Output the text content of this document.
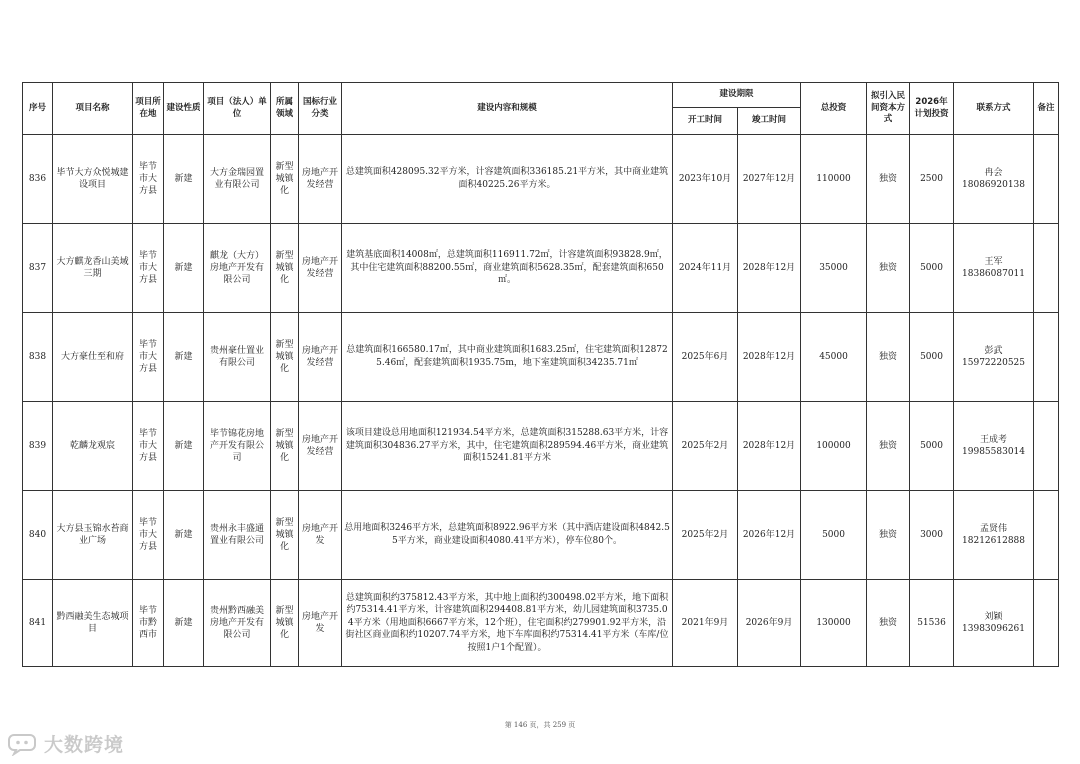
序号	项目名称	项目所在地	建设性质	项目（法人）单位	所属领域	国标行业分类	建设内容和规模	建设期限		总投资	拟引入民间资本方式	2026年计划投资	联系方式	备注
								开工时间	竣工时间					
836	毕节大方众悦城建设项目	毕节市大方县	新建	大方金瑞园置业有限公司	新型城镇化	房地产开发经营	总建筑面积428095.32平方米，计容建筑面积336185.21平方米，其中商业建筑面积40225.26平方米。	2023年10月	2027年12月	110000	独资	2500	冉会
18086920138	

837	大方麒龙香山美域三期	毕节市大方县	新建	麒龙（大方）房地产开发有限公司	新型城镇化	房地产开发经营	建筑基底面积14008㎡，总建筑面积116911.72㎡，计容建筑面积93828.9㎡，其中住宅建筑面积88200.55㎡，商业建筑面积5628.35㎡，配套建筑面积650㎡。	2024年11月	2028年12月	35000	独资	5000	王军
18386087011	

838	大方豪仕至和府	毕节市大方县	新建	贵州豪仕置业有限公司	新型城镇化	房地产开发经营	总建筑面积166580.17㎡，其中商业建筑面积1683.25㎡，住宅建筑面积128725.46㎡，配套建筑面积1935.75m，地下室建筑面积34235.71㎡	2025年6月	2028年12月	45000	独资	5000	彭武
15972220525	

839	乾麟龙观宸	毕节市大方县	新建	毕节锦花房地产开发有限公司	新型城镇化	房地产开发经营	该项目建设总用地面积121934.54平方米，总建筑面积315288.63平方米，计容建筑面积304836.27平方米，其中，住宅建筑面积289594.46平方米，商业建筑面积15241.81平方米	2025年2月	2028年12月	100000	独资	5000	王成考
19985583014	

840	大方县玉锦水苔商业广场	毕节市大方县	新建	贵州永丰盛通置业有限公司	新型城镇化	房地产开发	总用地面积3246平方米，总建筑面积8922.96平方米（其中酒店建设面积4842.55平方米，商业建设面积4080.41平方米），停车位80个。	2025年2月	2026年12月	5000	独资	3000	孟贤伟
18212612888	

841	黔西融美生态城项目	毕节市黔西市	新建	贵州黔西融美房地产开发有限公司	新型城镇化	房地产开发	总建筑面积约375812.43平方米，其中地上面积约300498.02平方米，地下面积约75314.41平方米，计容建筑面积294408.81平方米，幼儿园建筑面积3735.04平方米（用地面积6667平方米，12个班），住宅面积约279901.92平方米，沿街社区商业面积约10207.74平方米，地下车库面积约75314.41平方米（车库/位按照1户1个配置）。	2021年9月	2026年9月	130000	独资	51536	刘颖
13983096261	

第 146 页，共 259 页
大数跨境
